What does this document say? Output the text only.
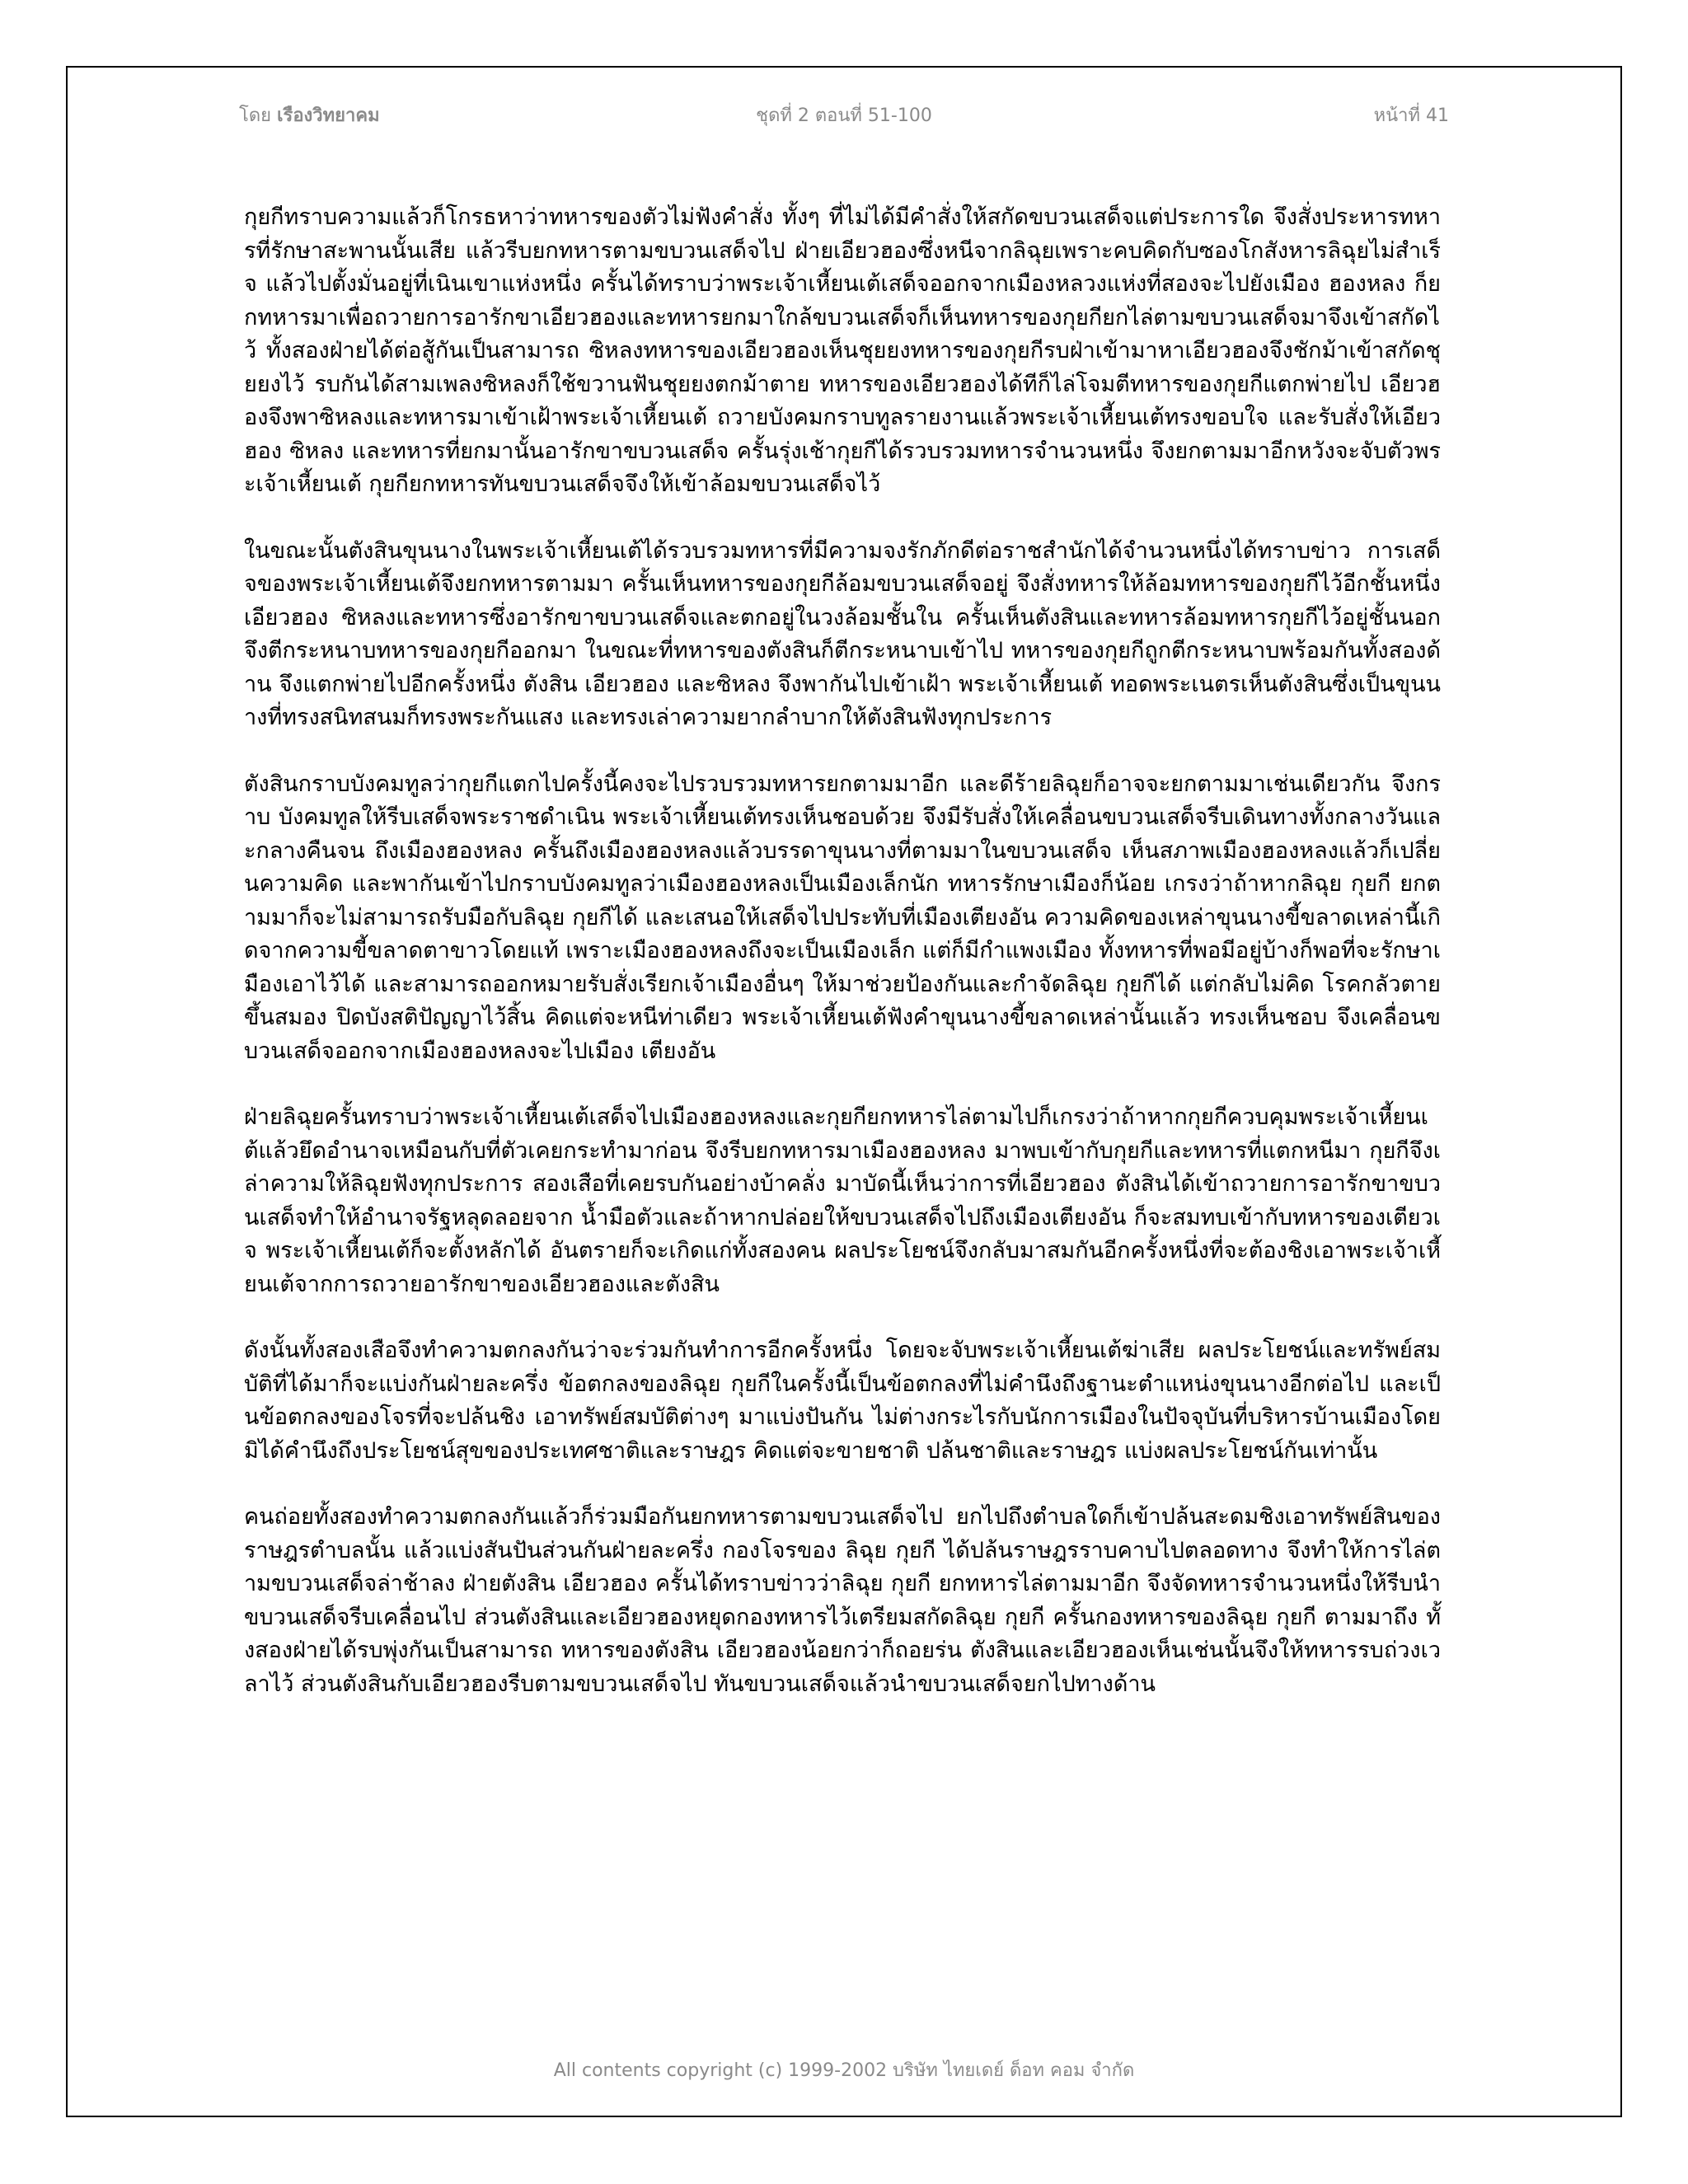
โดย เรืองวิทยาคม	ชุดที่ 2 ตอนที่ 51-100	หน้าที่ 41

กุยกีทราบความแล้วก็โกรธหาว่าทหารของตัวไม่ฟังคำสั่ง ทั้งๆ ที่ไม่ได้มีคำสั่งให้สกัดขบวนเสด็จแต่ประการใด จึงสั่งประหารทหารที่รักษาสะพานนั้นเสีย แล้วรีบยกทหารตามขบวนเสด็จไป ฝ่ายเอียวฮองซึ่งหนีจากลิฉุยเพราะคบคิดกับซองโกสังหารลิฉุยไม่สำเร็จ แล้วไปตั้งมั่นอยู่ที่เนินเขาแห่งหนึ่ง ครั้นได้ทราบว่าพระเจ้าเหี้ยนเต้เสด็จออกจากเมืองหลวงแห่งที่สองจะไปยังเมือง ฮองหลง ก็ยกทหารมาเพื่อถวายการอารักขาเอียวฮองและทหารยกมาใกล้ขบวนเสด็จก็เห็นทหารของกุยกียกไล่ตามขบวนเสด็จมาจึงเข้าสกัดไว้ ทั้งสองฝ่ายได้ต่อสู้กันเป็นสามารถ ซิหลงทหารของเอียวฮองเห็นชุยยงทหารของกุยกีรบฝ่าเข้ามาหาเอียวฮองจึงชักม้าเข้าสกัดชุยยงไว้ รบกันได้สามเพลงซิหลงก็ใช้ขวานฟันชุยยงตกม้าตาย ทหารของเอียวฮองได้ทีก็ไล่โจมตีทหารของกุยกีแตกพ่ายไป เอียวฮองจึงพาซิหลงและทหารมาเข้าเฝ้าพระเจ้าเหี้ยนเต้ ถวายบังคมกราบทูลรายงานแล้วพระเจ้าเหี้ยนเต้ทรงขอบใจ และรับสั่งให้เอียวฮอง ซิหลง และทหารที่ยกมานั้นอารักขาขบวนเสด็จ ครั้นรุ่งเช้ากุยกีได้รวบรวมทหารจำนวนหนึ่ง จึงยกตามมาอีกหวังจะจับตัวพระเจ้าเหี้ยนเต้ กุยกียกทหารทันขบวนเสด็จจึงให้เข้าล้อมขบวนเสด็จไว้

ในขณะนั้นตังสินขุนนางในพระเจ้าเหี้ยนเต้ได้รวบรวมทหารที่มีความจงรักภักดีต่อราชสำนักได้จำนวนหนึ่งได้ทราบข่าว การเสด็จของพระเจ้าเหี้ยนเต้จึงยกทหารตามมา ครั้นเห็นทหารของกุยกีล้อมขบวนเสด็จอยู่ จึงสั่งทหารให้ล้อมทหารของกุยกีไว้อีกชั้นหนึ่ง เอียวฮอง ซิหลงและทหารซึ่งอารักขาขบวนเสด็จและตกอยู่ในวงล้อมชั้นใน ครั้นเห็นตังสินและทหารล้อมทหารกุยกีไว้อยู่ชั้นนอก จึงตีกระหนาบทหารของกุยกีออกมา ในขณะที่ทหารของตังสินก็ตีกระหนาบเข้าไป ทหารของกุยกีถูกตีกระหนาบพร้อมกันทั้งสองด้าน จึงแตกพ่ายไปอีกครั้งหนึ่ง ตังสิน เอียวฮอง และซิหลง จึงพากันไปเข้าเฝ้า พระเจ้าเหี้ยนเต้ ทอดพระเนตรเห็นตังสินซึ่งเป็นขุนนางที่ทรงสนิทสนมก็ทรงพระกันแสง และทรงเล่าความยากลำบากให้ตังสินฟังทุกประการ

ตังสินกราบบังคมทูลว่ากุยกีแตกไปครั้งนี้คงจะไปรวบรวมทหารยกตามมาอีก และดีร้ายลิฉุยก็อาจจะยกตามมาเช่นเดียวกัน จึงกราบ บังคมทูลให้รีบเสด็จพระราชดำเนิน พระเจ้าเหี้ยนเต้ทรงเห็นชอบด้วย จึงมีรับสั่งให้เคลื่อนขบวนเสด็จรีบเดินทางทั้งกลางวันและกลางคืนจน ถึงเมืองฮองหลง ครั้นถึงเมืองฮองหลงแล้วบรรดาขุนนางที่ตามมาในขบวนเสด็จ เห็นสภาพเมืองฮองหลงแล้วก็เปลี่ยนความคิด และพากันเข้าไปกราบบังคมทูลว่าเมืองฮองหลงเป็นเมืองเล็กนัก ทหารรักษาเมืองก็น้อย เกรงว่าถ้าหากลิฉุย กุยกี ยกตามมาก็จะไม่สามารถรับมือกับลิฉุย กุยกีได้ และเสนอให้เสด็จไปประทับที่เมืองเตียงอัน ความคิดของเหล่าขุนนางขี้ขลาดเหล่านี้เกิดจากความขี้ขลาดตาขาวโดยแท้ เพราะเมืองฮองหลงถึงจะเป็นเมืองเล็ก แต่ก็มีกำแพงเมือง ทั้งทหารที่พอมีอยู่บ้างก็พอที่จะรักษาเมืองเอาไว้ได้ และสามารถออกหมายรับสั่งเรียกเจ้าเมืองอื่นๆ ให้มาช่วยป้องกันและกำจัดลิฉุย กุยกีได้ แต่กลับไม่คิด โรคกลัวตายขึ้นสมอง ปิดบังสติปัญญาไว้สิ้น คิดแต่จะหนีท่าเดียว พระเจ้าเหี้ยนเต้ฟังคำขุนนางขี้ขลาดเหล่านั้นแล้ว ทรงเห็นชอบ จึงเคลื่อนขบวนเสด็จออกจากเมืองฮองหลงจะไปเมือง เตียงอัน

ฝ่ายลิฉุยครั้นทราบว่าพระเจ้าเหี้ยนเต้เสด็จไปเมืองฮองหลงและกุยกียกทหารไล่ตามไปก็เกรงว่าถ้าหากกุยกีควบคุมพระเจ้าเหี้ยนเต้แล้วยึดอำนาจเหมือนกับที่ตัวเคยกระทำมาก่อน จึงรีบยกทหารมาเมืองฮองหลง มาพบเข้ากับกุยกีและทหารที่แตกหนีมา กุยกีจึงเล่าความให้ลิฉุยฟังทุกประการ สองเสือที่เคยรบกันอย่างบ้าคลั่ง มาบัดนี้เห็นว่าการที่เอียวฮอง ตังสินได้เข้าถวายการอารักขาขบวนเสด็จทำให้อำนาจรัฐหลุดลอยจาก น้ำมือตัวและถ้าหากปล่อยให้ขบวนเสด็จไปถึงเมืองเตียงอัน ก็จะสมทบเข้ากับทหารของเตียวเจ พระเจ้าเหี้ยนเต้ก็จะตั้งหลักได้ อันตรายก็จะเกิดแก่ทั้งสองคน ผลประโยชน์จึงกลับมาสมกันอีกครั้งหนึ่งที่จะต้องชิงเอาพระเจ้าเหี้ยนเต้จากการถวายอารักขาของเอียวฮองและตังสิน

ดังนั้นทั้งสองเสือจึงทำความตกลงกันว่าจะร่วมกันทำการอีกครั้งหนึ่ง โดยจะจับพระเจ้าเหี้ยนเต้ฆ่าเสีย ผลประโยชน์และทรัพย์สมบัติที่ได้มาก็จะแบ่งกันฝ่ายละครึ่ง ข้อตกลงของลิฉุย กุยกีในครั้งนี้เป็นข้อตกลงที่ไม่คำนึงถึงฐานะตำแหน่งขุนนางอีกต่อไป และเป็นข้อตกลงของโจรที่จะปล้นชิง เอาทรัพย์สมบัติต่างๆ มาแบ่งปันกัน ไม่ต่างกระไรกับนักการเมืองในปัจจุบันที่บริหารบ้านเมืองโดยมิได้คำนึงถึงประโยชน์สุขของประเทศชาติและราษฎร คิดแต่จะขายชาติ ปล้นชาติและราษฎร แบ่งผลประโยชน์กันเท่านั้น

คนถ่อยทั้งสองทำความตกลงกันแล้วก็ร่วมมือกันยกทหารตามขบวนเสด็จไป ยกไปถึงตำบลใดก็เข้าปล้นสะดมชิงเอาทรัพย์สินของ ราษฎรตำบลนั้น แล้วแบ่งสันปันส่วนกันฝ่ายละครึ่ง กองโจรของ ลิฉุย กุยกี ได้ปล้นราษฎรราบคาบไปตลอดทาง จึงทำให้การไล่ตามขบวนเสด็จล่าช้าลง ฝ่ายตังสิน เอียวฮอง ครั้นได้ทราบข่าวว่าลิฉุย กุยกี ยกทหารไล่ตามมาอีก จึงจัดทหารจำนวนหนึ่งให้รีบนำขบวนเสด็จรีบเคลื่อนไป ส่วนตังสินและเอียวฮองหยุดกองทหารไว้เตรียมสกัดลิฉุย กุยกี ครั้นกองทหารของลิฉุย กุยกี ตามมาถึง ทั้งสองฝ่ายได้รบพุ่งกันเป็นสามารถ ทหารของตังสิน เอียวฮองน้อยกว่าก็ถอยร่น ตังสินและเอียวฮองเห็นเช่นนั้นจึงให้ทหารรบถ่วงเวลาไว้ ส่วนตังสินกับเอียวฮองรีบตามขบวนเสด็จไป ทันขบวนเสด็จแล้วนำขบวนเสด็จยกไปทางด้าน

All contents copyright (c) 1999-2002 บริษัท ไทยเดย์ ด็อท คอม จำกัด
